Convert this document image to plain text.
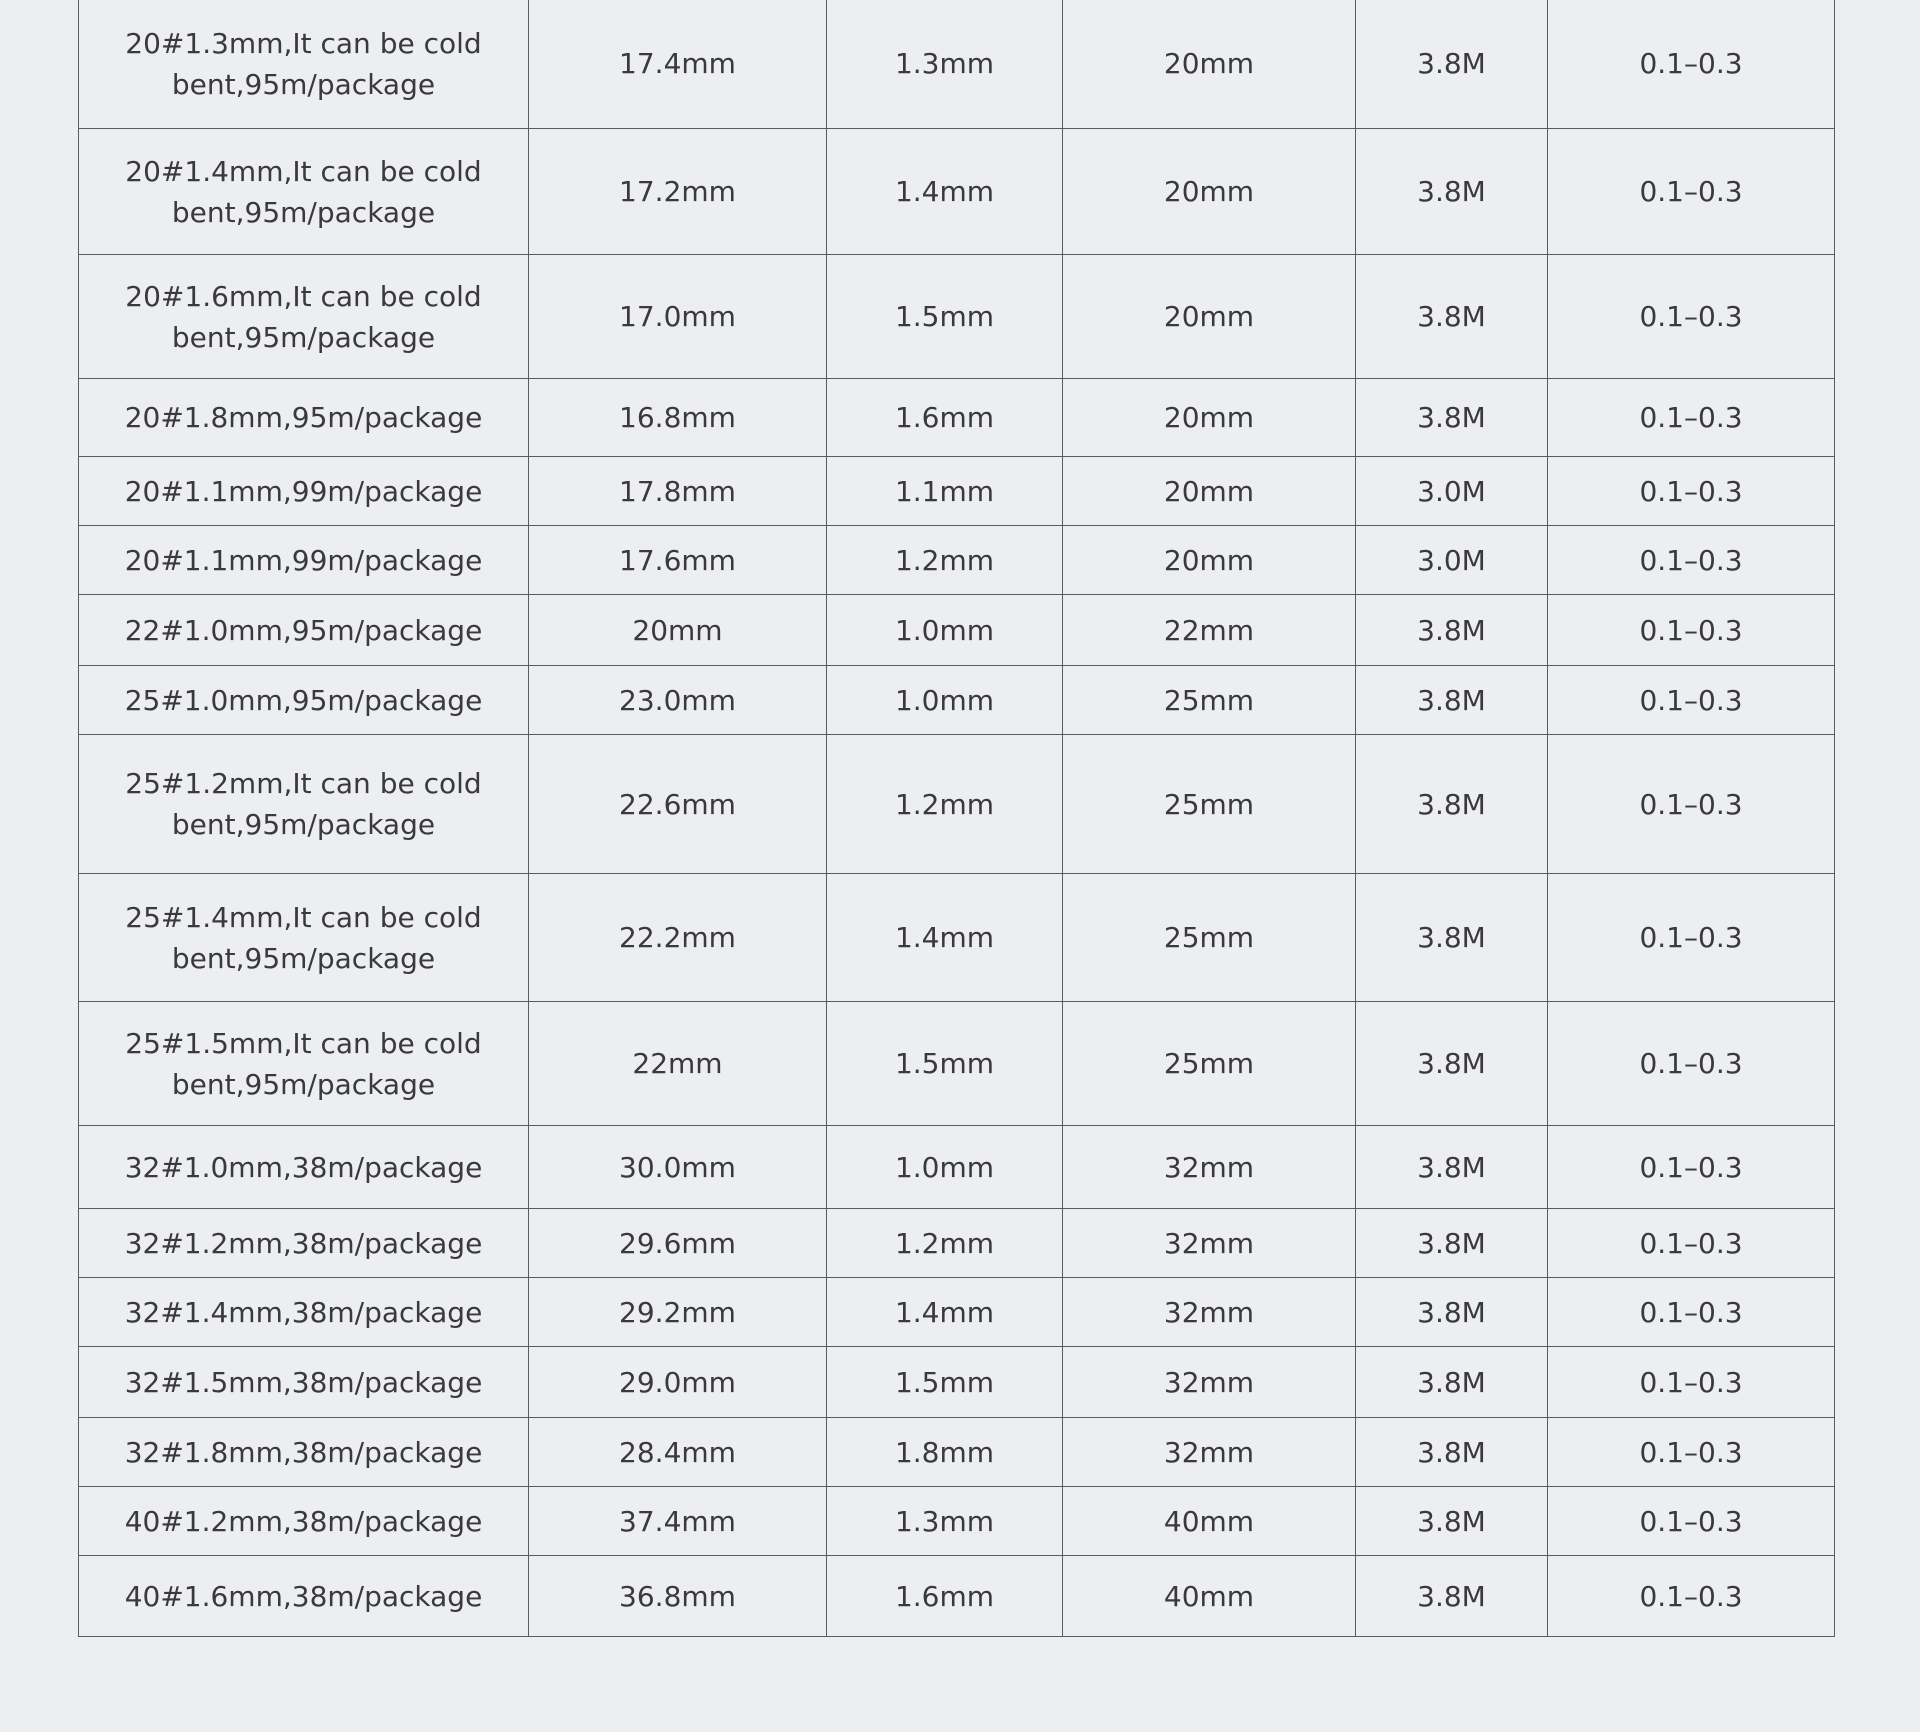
20#1.3mm,It can be cold bent,95m/package	17.4mm	1.3mm	20mm	3.8M	0.1–0.3
20#1.4mm,It can be cold bent,95m/package	17.2mm	1.4mm	20mm	3.8M	0.1–0.3
20#1.6mm,It can be cold bent,95m/package	17.0mm	1.5mm	20mm	3.8M	0.1–0.3
20#1.8mm,95m/package	16.8mm	1.6mm	20mm	3.8M	0.1–0.3
20#1.1mm,99m/package	17.8mm	1.1mm	20mm	3.0M	0.1–0.3
20#1.1mm,99m/package	17.6mm	1.2mm	20mm	3.0M	0.1–0.3
22#1.0mm,95m/package	20mm	1.0mm	22mm	3.8M	0.1–0.3
25#1.0mm,95m/package	23.0mm	1.0mm	25mm	3.8M	0.1–0.3
25#1.2mm,It can be cold bent,95m/package	22.6mm	1.2mm	25mm	3.8M	0.1–0.3
25#1.4mm,It can be cold bent,95m/package	22.2mm	1.4mm	25mm	3.8M	0.1–0.3
25#1.5mm,It can be cold bent,95m/package	22mm	1.5mm	25mm	3.8M	0.1–0.3
32#1.0mm,38m/package	30.0mm	1.0mm	32mm	3.8M	0.1–0.3
32#1.2mm,38m/package	29.6mm	1.2mm	32mm	3.8M	0.1–0.3
32#1.4mm,38m/package	29.2mm	1.4mm	32mm	3.8M	0.1–0.3
32#1.5mm,38m/package	29.0mm	1.5mm	32mm	3.8M	0.1–0.3
32#1.8mm,38m/package	28.4mm	1.8mm	32mm	3.8M	0.1–0.3
40#1.2mm,38m/package	37.4mm	1.3mm	40mm	3.8M	0.1–0.3
40#1.6mm,38m/package	36.8mm	1.6mm	40mm	3.8M	0.1–0.3
